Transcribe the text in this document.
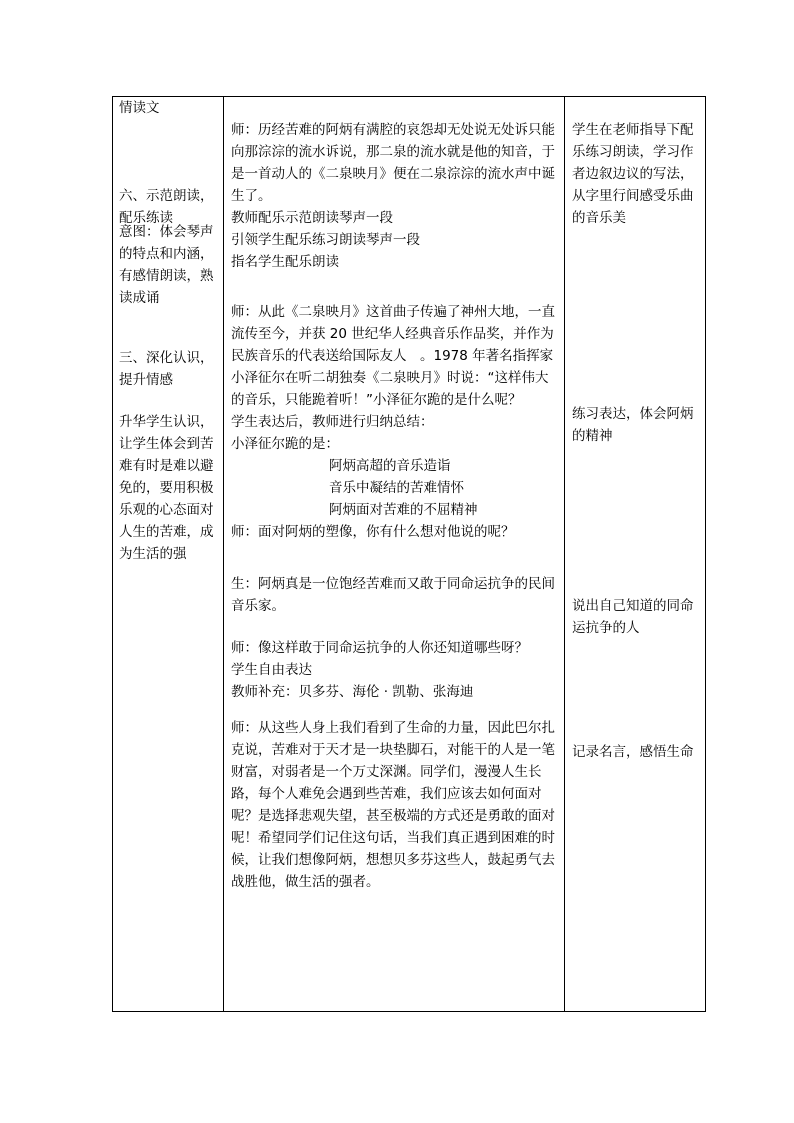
情读文
六、示范朗读，配乐练读
意图：体会琴声的特点和内涵，有感情朗读，熟读成诵
三、深化认识，提升情感
升华学生认识，让学生体会到苦难有时是难以避免的，要用积极乐观的心态面对人生的苦难，成为生活的强

师：历经苦难的阿炳有满腔的哀怨却无处说无处诉只能向那淙淙的流水诉说，那二泉的流水就是他的知音，于是一首动人的《二泉映月》便在二泉淙淙的流水声中诞生了。

教师配乐示范朗读琴声一段

引领学生配乐练习朗读琴声一段

指名学生配乐朗读

师：从此《二泉映月》这首曲子传遍了神州大地，一直流传至今，并获 20 世纪华人经典音乐作品奖，并作为民族音乐的代表送给国际友人　。1978 年著名指挥家小泽征尔在听二胡独奏《二泉映月》时说：“这样伟大的音乐，只能跪着听！”小泽征尔跪的是什么呢？

学生表达后，教师进行归纳总结：

小泽征尔跪的是：

阿炳高超的音乐造诣

音乐中凝结的苦难情怀

阿炳面对苦难的不屈精神

师：面对阿炳的塑像，你有什么想对他说的呢？

生：阿炳真是一位饱经苦难而又敢于同命运抗争的民间音乐家。

师：像这样敢于同命运抗争的人你还知道哪些呀？

学生自由表达

教师补充：贝多芬、海伦 · 凯勒、张海迪

师：从这些人身上我们看到了生命的力量，因此巴尔扎克说，苦难对于天才是一块垫脚石，对能干的人是一笔财富，对弱者是一个万丈深渊。同学们，漫漫人生长路，每个人难免会遇到些苦难，我们应该去如何面对呢？是选择悲观失望，甚至极端的方式还是勇敢的面对呢！希望同学们记住这句话，当我们真正遇到困难的时候，让我们想像阿炳，想想贝多芬这些人，鼓起勇气去战胜他，做生活的强者。

学生在老师指导下配乐练习朗读，学习作者边叙边议的写法，从字里行间感受乐曲的音乐美
练习表达，体会阿炳的精神
说出自己知道的同命运抗争的人
记录名言，感悟生命
